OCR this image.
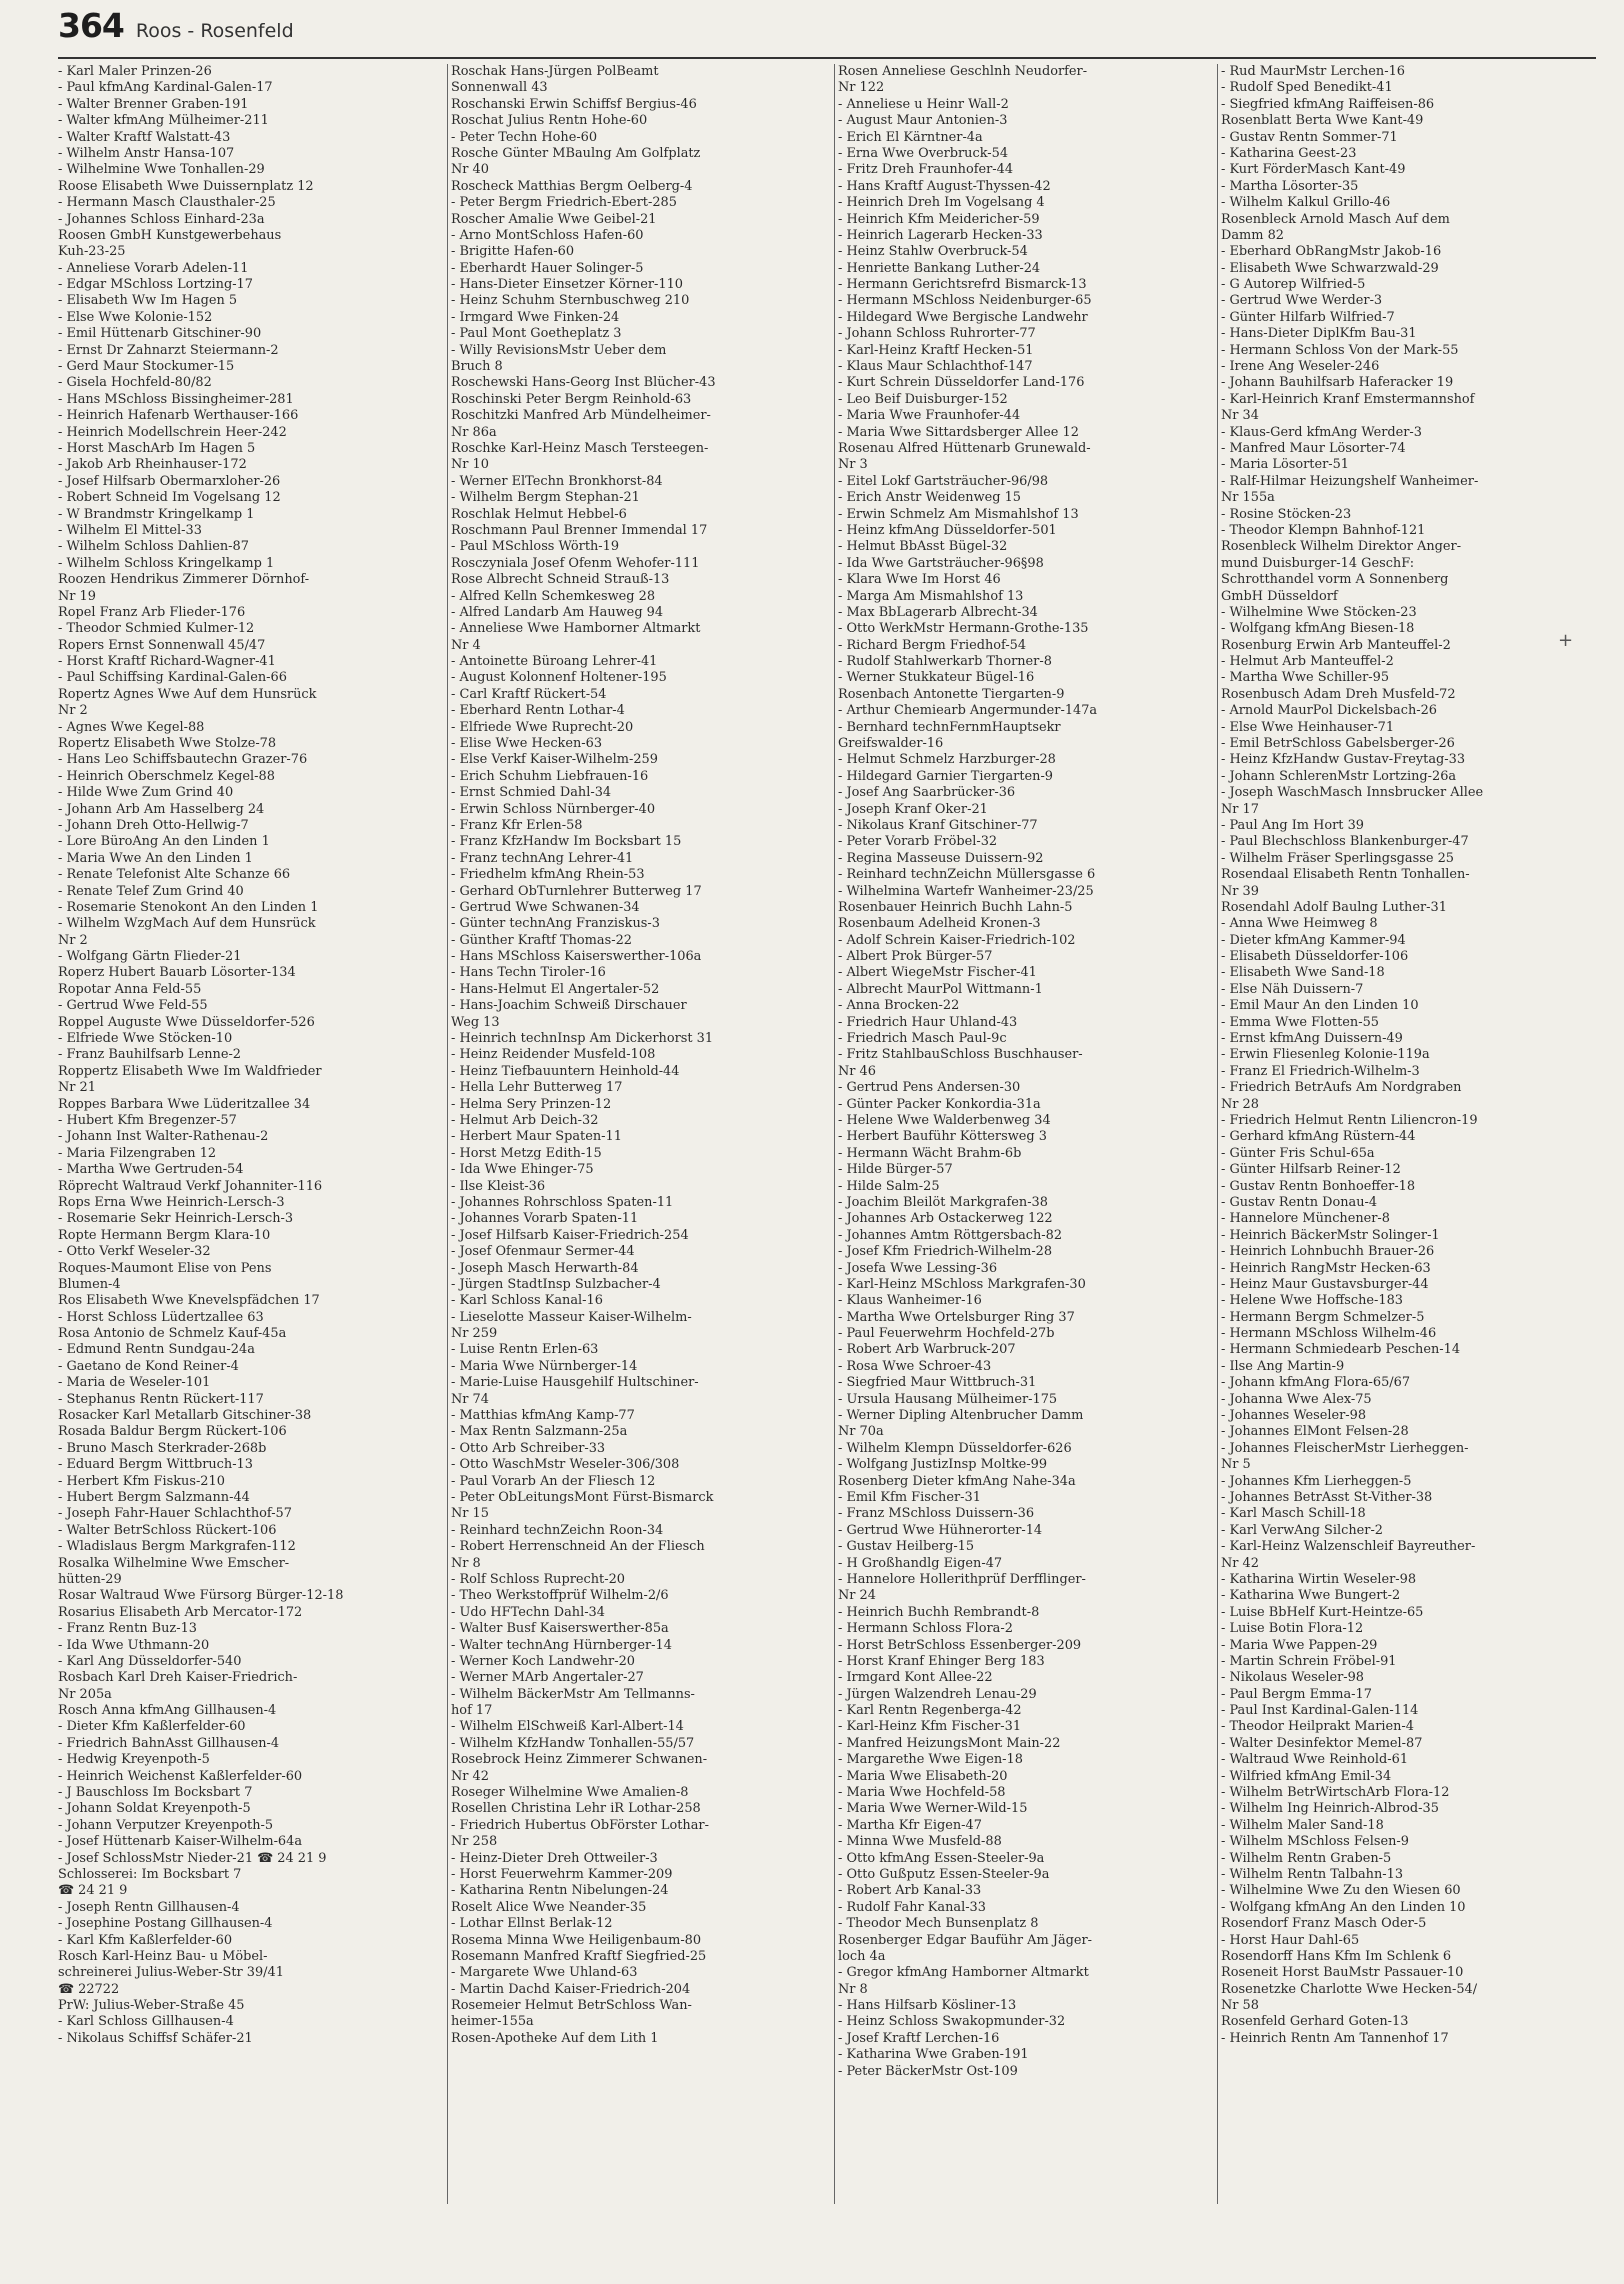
364 Roos - Rosenfeld
- Karl Maler Prinzen-26
- Paul kfmAng Kardinal-Galen-17
- Walter Brenner Graben-191
- Walter kfmAng Mülheimer-211
- Walter Kraftf Walstatt-43
- Wilhelm Anstr Hansa-107
- Wilhelmine Wwe Tonhallen-29
Roose Elisabeth Wwe Duissernplatz 12
- Hermann Masch Clausthaler-25
- Johannes Schloss Einhard-23a
Roosen GmbH Kunstgewerbehaus
Kuh-23-25
- Anneliese Vorarb Adelen-11
- Edgar MSchloss Lortzing-17
- Elisabeth Ww Im Hagen 5
- Else Wwe Kolonie-152
- Emil Hüttenarb Gitschiner-90
- Ernst Dr Zahnarzt Steiermann-2
- Gerd Maur Stockumer-15
- Gisela Hochfeld-80/82
- Hans MSchloss Bissingheimer-281
- Heinrich Hafenarb Werthauser-166
- Heinrich Modellschrein Heer-242
- Horst MaschArb Im Hagen 5
- Jakob Arb Rheinhauser-172
- Josef Hilfsarb Obermarxloher-26
- Robert Schneid Im Vogelsang 12
- W Brandmstr Kringelkamp 1
- Wilhelm El Mittel-33
- Wilhelm Schloss Dahlien-87
- Wilhelm Schloss Kringelkamp 1
Roozen Hendrikus Zimmerer Dörnhof-
Nr 19
Ropel Franz Arb Flieder-176
- Theodor Schmied Kulmer-12
Ropers Ernst Sonnenwall 45/47
- Horst Kraftf Richard-Wagner-41
- Paul Schiffsing Kardinal-Galen-66
Ropertz Agnes Wwe Auf dem Hunsrück
Nr 2
- Agnes Wwe Kegel-88
Ropertz Elisabeth Wwe Stolze-78
- Hans Leo Schiffsbautechn Grazer-76
- Heinrich Oberschmelz Kegel-88
- Hilde Wwe Zum Grind 40
- Johann Arb Am Hasselberg 24
- Johann Dreh Otto-Hellwig-7
- Lore BüroAng An den Linden 1
- Maria Wwe An den Linden 1
- Renate Telefonist Alte Schanze 66
- Renate Telef Zum Grind 40
- Rosemarie Stenokont An den Linden 1
- Wilhelm WzgMach Auf dem Hunsrück
Nr 2
- Wolfgang Gärtn Flieder-21
Roperz Hubert Bauarb Lösorter-134
Ropotar Anna Feld-55
- Gertrud Wwe Feld-55
Roppel Auguste Wwe Düsseldorfer-526
- Elfriede Wwe Stöcken-10
- Franz Bauhilfsarb Lenne-2
Roppertz Elisabeth Wwe Im Waldfrieder
Nr 21
Roppes Barbara Wwe Lüderitzallee 34
- Hubert Kfm Bregenzer-57
- Johann Inst Walter-Rathenau-2
- Maria Filzengraben 12
- Martha Wwe Gertruden-54
Röprecht Waltraud Verkf Johanniter-116
Rops Erna Wwe Heinrich-Lersch-3
- Rosemarie Sekr Heinrich-Lersch-3
Ropte Hermann Bergm Klara-10
- Otto Verkf Weseler-32
Roques-Maumont Elise von Pens
Blumen-4
Ros Elisabeth Wwe Knevelspfädchen 17
- Horst Schloss Lüdertzallee 63
Rosa Antonio de Schmelz Kauf-45a
- Edmund Rentn Sundgau-24a
- Gaetano de Kond Reiner-4
- Maria de Weseler-101
- Stephanus Rentn Rückert-117
Rosacker Karl Metallarb Gitschiner-38
Rosada Baldur Bergm Rückert-106
- Bruno Masch Sterkrader-268b
- Eduard Bergm Wittbruch-13
- Herbert Kfm Fiskus-210
- Hubert Bergm Salzmann-44
- Joseph Fahr-Hauer Schlachthof-57
- Walter BetrSchloss Rückert-106
- Wladislaus Bergm Markgrafen-112
Rosalka Wilhelmine Wwe Emscher-
hütten-29
Rosar Waltraud Wwe Fürsorg Bürger-12-18
Rosarius Elisabeth Arb Mercator-172
- Franz Rentn Buz-13
- Ida Wwe Uthmann-20
- Karl Ang Düsseldorfer-540
Rosbach Karl Dreh Kaiser-Friedrich-
Nr 205a
Rosch Anna kfmAng Gillhausen-4
- Dieter Kfm Kaßlerfelder-60
- Friedrich BahnAsst Gillhausen-4
- Hedwig Kreyenpoth-5
- Heinrich Weichenst Kaßlerfelder-60
- J Bauschloss Im Bocksbart 7
- Johann Soldat Kreyenpoth-5
- Johann Verputzer Kreyenpoth-5
- Josef Hüttenarb Kaiser-Wilhelm-64a
- Josef SchlossMstr Nieder-21 ☎ 24 21 9
Schlosserei: Im Bocksbart 7
☎ 24 21 9
- Joseph Rentn Gillhausen-4
- Josephine Postang Gillhausen-4
- Karl Kfm Kaßlerfelder-60
Rosch Karl-Heinz Bau- u Möbel-
schreinerei Julius-Weber-Str 39/41
☎ 22722
PrW: Julius-Weber-Straße 45
- Karl Schloss Gillhausen-4
- Nikolaus Schiffsf Schäfer-21
Roschak Hans-Jürgen PolBeamt
Sonnenwall 43
Roschanski Erwin Schiffsf Bergius-46
Roschat Julius Rentn Hohe-60
- Peter Techn Hohe-60
Rosche Günter MBaulng Am Golfplatz
Nr 40
Roscheck Matthias Bergm Oelberg-4
- Peter Bergm Friedrich-Ebert-285
Roscher Amalie Wwe Geibel-21
- Arno MontSchloss Hafen-60
- Brigitte Hafen-60
- Eberhardt Hauer Solinger-5
- Hans-Dieter Einsetzer Körner-110
- Heinz Schuhm Sternbuschweg 210
- Irmgard Wwe Finken-24
- Paul Mont Goetheplatz 3
- Willy RevisionsMstr Ueber dem
Bruch 8
Roschewski Hans-Georg Inst Blücher-43
Roschinski Peter Bergm Reinhold-63
Roschitzki Manfred Arb Mündelheimer-
Nr 86a
Roschke Karl-Heinz Masch Tersteegen-
Nr 10
- Werner ElTechn Bronkhorst-84
- Wilhelm Bergm Stephan-21
Roschlak Helmut Hebbel-6
Roschmann Paul Brenner Immendal 17
- Paul MSchloss Wörth-19
Rosczyniala Josef Ofenm Wehofer-111
Rose Albrecht Schneid Strauß-13
- Alfred Kelln Schemkesweg 28
- Alfred Landarb Am Hauweg 94
- Anneliese Wwe Hamborner Altmarkt
Nr 4
- Antoinette Büroang Lehrer-41
- August Kolonnenf Holtener-195
- Carl Kraftf Rückert-54
- Eberhard Rentn Lothar-4
- Elfriede Wwe Ruprecht-20
- Elise Wwe Hecken-63
- Else Verkf Kaiser-Wilhelm-259
- Erich Schuhm Liebfrauen-16
- Ernst Schmied Dahl-34
- Erwin Schloss Nürnberger-40
- Franz Kfr Erlen-58
- Franz KfzHandw Im Bocksbart 15
- Franz technAng Lehrer-41
- Friedhelm kfmAng Rhein-53
- Gerhard ObTurnlehrer Butterweg 17
- Gertrud Wwe Schwanen-34
- Günter technAng Franziskus-3
- Günther Kraftf Thomas-22
- Hans MSchloss Kaiserswerther-106a
- Hans Techn Tiroler-16
- Hans-Helmut El Angertaler-52
- Hans-Joachim Schweiß Dirschauer
Weg 13
- Heinrich technInsp Am Dickerhorst 31
- Heinz Reidender Musfeld-108
- Heinz Tiefbauuntern Heinhold-44
- Hella Lehr Butterweg 17
- Helma Sery Prinzen-12
- Helmut Arb Deich-32
- Herbert Maur Spaten-11
- Horst Metzg Edith-15
- Ida Wwe Ehinger-75
- Ilse Kleist-36
- Johannes Rohrschloss Spaten-11
- Johannes Vorarb Spaten-11
- Josef Hilfsarb Kaiser-Friedrich-254
- Josef Ofenmaur Sermer-44
- Joseph Masch Herwarth-84
- Jürgen StadtInsp Sulzbacher-4
- Karl Schloss Kanal-16
- Lieselotte Masseur Kaiser-Wilhelm-
Nr 259
- Luise Rentn Erlen-63
- Maria Wwe Nürnberger-14
- Marie-Luise Hausgehilf Hultschiner-
Nr 74
- Matthias kfmAng Kamp-77
- Max Rentn Salzmann-25a
- Otto Arb Schreiber-33
- Otto WaschMstr Weseler-306/308
- Paul Vorarb An der Fliesch 12
- Peter ObLeitungsMont Fürst-Bismarck
Nr 15
- Reinhard technZeichn Roon-34
- Robert Herrenschneid An der Fliesch
Nr 8
- Rolf Schloss Ruprecht-20
- Theo Werkstoffprüf Wilhelm-2/6
- Udo HFTechn Dahl-34
- Walter Busf Kaiserswerther-85a
- Walter technAng Hürnberger-14
- Werner Koch Landwehr-20
- Werner MArb Angertaler-27
- Wilhelm BäckerMstr Am Tellmanns-
hof 17
- Wilhelm ElSchweiß Karl-Albert-14
- Wilhelm KfzHandw Tonhallen-55/57
Rosebrock Heinz Zimmerer Schwanen-
Nr 42
Roseger Wilhelmine Wwe Amalien-8
Rosellen Christina Lehr iR Lothar-258
- Friedrich Hubertus ObFörster Lothar-
Nr 258
- Heinz-Dieter Dreh Ottweiler-3
- Horst Feuerwehrm Kammer-209
- Katharina Rentn Nibelungen-24
Roselt Alice Wwe Neander-35
- Lothar Ellnst Berlak-12
Rosema Minna Wwe Heiligenbaum-80
Rosemann Manfred Kraftf Siegfried-25
- Margarete Wwe Uhland-63
- Martin Dachd Kaiser-Friedrich-204
Rosemeier Helmut BetrSchloss Wan-
heimer-155a
Rosen-Apotheke Auf dem Lith 1
Rosen Anneliese Geschlnh Neudorfer-
Nr 122
- Anneliese u Heinr Wall-2
- August Maur Antonien-3
- Erich El Kärntner-4a
- Erna Wwe Overbruck-54
- Fritz Dreh Fraunhofer-44
- Hans Kraftf August-Thyssen-42
- Heinrich Dreh Im Vogelsang 4
- Heinrich Kfm Meidericher-59
- Heinrich Lagerarb Hecken-33
- Heinz Stahlw Overbruck-54
- Henriette Bankang Luther-24
- Hermann Gerichtsrefrd Bismarck-13
- Hermann MSchloss Neidenburger-65
- Hildegard Wwe Bergische Landwehr
- Johann Schloss Ruhrorter-77
- Karl-Heinz Kraftf Hecken-51
- Klaus Maur Schlachthof-147
- Kurt Schrein Düsseldorfer Land-176
- Leo Beif Duisburger-152
- Maria Wwe Fraunhofer-44
- Maria Wwe Sittardsberger Allee 12
Rosenau Alfred Hüttenarb Grunewald-
Nr 3
- Eitel Lokf Gartsträucher-96/98
- Erich Anstr Weidenweg 15
- Erwin Schmelz Am Mismahlshof 13
- Heinz kfmAng Düsseldorfer-501
- Helmut BbAsst Bügel-32
- Ida Wwe Gartsträucher-96§98
- Klara Wwe Im Horst 46
- Marga Am Mismahlshof 13
- Max BbLagerarb Albrecht-34
- Otto WerkMstr Hermann-Grothe-135
- Richard Bergm Friedhof-54
- Rudolf Stahlwerkarb Thorner-8
- Werner Stukkateur Bügel-16
Rosenbach Antonette Tiergarten-9
- Arthur Chemiearb Angermunder-147a
- Bernhard technFernmHauptsekr
Greifswalder-16
- Helmut Schmelz Harzburger-28
- Hildegard Garnier Tiergarten-9
- Josef Ang Saarbrücker-36
- Joseph Kranf Oker-21
- Nikolaus Kranf Gitschiner-77
- Peter Vorarb Fröbel-32
- Regina Masseuse Duissern-92
- Reinhard technZeichn Müllersgasse 6
- Wilhelmina Wartefr Wanheimer-23/25
Rosenbauer Heinrich Buchh Lahn-5
Rosenbaum Adelheid Kronen-3
- Adolf Schrein Kaiser-Friedrich-102
- Albert Prok Bürger-57
- Albert WiegeMstr Fischer-41
- Albrecht MaurPol Wittmann-1
- Anna Brocken-22
- Friedrich Haur Uhland-43
- Friedrich Masch Paul-9c
- Fritz StahlbauSchloss Buschhauser-
Nr 46
- Gertrud Pens Andersen-30
- Günter Packer Konkordia-31a
- Helene Wwe Walderbenweg 34
- Herbert Bauführ Köttersweg 3
- Hermann Wächt Brahm-6b
- Hilde Bürger-57
- Hilde Salm-25
- Joachim Bleilöt Markgrafen-38
- Johannes Arb Ostackerweg 122
- Johannes Amtm Röttgersbach-82
- Josef Kfm Friedrich-Wilhelm-28
- Josefa Wwe Lessing-36
- Karl-Heinz MSchloss Markgrafen-30
- Klaus Wanheimer-16
- Martha Wwe Ortelsburger Ring 37
- Paul Feuerwehrm Hochfeld-27b
- Robert Arb Warbruck-207
- Rosa Wwe Schroer-43
- Siegfried Maur Wittbruch-31
- Ursula Hausang Mülheimer-175
- Werner Dipling Altenbrucher Damm
Nr 70a
- Wilhelm Klempn Düsseldorfer-626
- Wolfgang JustizInsp Moltke-99
Rosenberg Dieter kfmAng Nahe-34a
- Emil Kfm Fischer-31
- Franz MSchloss Duissern-36
- Gertrud Wwe Hühnerorter-14
- Gustav Heilberg-15
- H Großhandlg Eigen-47
- Hannelore Hollerithprüf Derfflinger-
Nr 24
- Heinrich Buchh Rembrandt-8
- Hermann Schloss Flora-2
- Horst BetrSchloss Essenberger-209
- Horst Kranf Ehinger Berg 183
- Irmgard Kont Allee-22
- Jürgen Walzendreh Lenau-29
- Karl Rentn Regenberga-42
- Karl-Heinz Kfm Fischer-31
- Manfred HeizungsMont Main-22
- Margarethe Wwe Eigen-18
- Maria Wwe Elisabeth-20
- Maria Wwe Hochfeld-58
- Maria Wwe Werner-Wild-15
- Martha Kfr Eigen-47
- Minna Wwe Musfeld-88
- Otto kfmAng Essen-Steeler-9a
- Otto Gußputz Essen-Steeler-9a
- Robert Arb Kanal-33
- Rudolf Fahr Kanal-33
- Theodor Mech Bunsenplatz 8
Rosenberger Edgar Bauführ Am Jäger-
loch 4a
- Gregor kfmAng Hamborner Altmarkt
Nr 8
- Hans Hilfsarb Kösliner-13
- Heinz Schloss Swakopmunder-32
- Josef Kraftf Lerchen-16
- Katharina Wwe Graben-191
- Peter BäckerMstr Ost-109
- Rud MaurMstr Lerchen-16
- Rudolf Sped Benedikt-41
- Siegfried kfmAng Raiffeisen-86
Rosenblatt Berta Wwe Kant-49
- Gustav Rentn Sommer-71
- Katharina Geest-23
- Kurt FörderMasch Kant-49
- Martha Lösorter-35
- Wilhelm Kalkul Grillo-46
Rosenbleck Arnold Masch Auf dem
Damm 82
- Eberhard ObRangMstr Jakob-16
- Elisabeth Wwe Schwarzwald-29
- G Autorep Wilfried-5
- Gertrud Wwe Werder-3
- Günter Hilfarb Wilfried-7
- Hans-Dieter DiplKfm Bau-31
- Hermann Schloss Von der Mark-55
- Irene Ang Weseler-246
- Johann Bauhilfsarb Haferacker 19
- Karl-Heinrich Kranf Emstermannshof
Nr 34
- Klaus-Gerd kfmAng Werder-3
- Manfred Maur Lösorter-74
- Maria Lösorter-51
- Ralf-Hilmar Heizungshelf Wanheimer-
Nr 155a
- Rosine Stöcken-23
- Theodor Klempn Bahnhof-121
Rosenbleck Wilhelm Direktor Anger-
mund Duisburger-14 GeschF:
Schrotthandel vorm A Sonnenberg
GmbH Düsseldorf
- Wilhelmine Wwe Stöcken-23
- Wolfgang kfmAng Biesen-18
Rosenburg Erwin Arb Manteuffel-2
- Helmut Arb Manteuffel-2
- Martha Wwe Schiller-95
Rosenbusch Adam Dreh Musfeld-72
- Arnold MaurPol Dickelsbach-26
- Else Wwe Heinhauser-71
- Emil BetrSchloss Gabelsberger-26
- Heinz KfzHandw Gustav-Freytag-33
- Johann SchlerenMstr Lortzing-26a
- Joseph WaschMasch Innsbrucker Allee
Nr 17
- Paul Ang Im Hort 39
- Paul Blechschloss Blankenburger-47
- Wilhelm Fräser Sperlingsgasse 25
Rosendaal Elisabeth Rentn Tonhallen-
Nr 39
Rosendahl Adolf Baulng Luther-31
- Anna Wwe Heimweg 8
- Dieter kfmAng Kammer-94
- Elisabeth Düsseldorfer-106
- Elisabeth Wwe Sand-18
- Else Näh Duissern-7
- Emil Maur An den Linden 10
- Emma Wwe Flotten-55
- Ernst kfmAng Duissern-49
- Erwin Fliesenleg Kolonie-119a
- Franz El Friedrich-Wilhelm-3
- Friedrich BetrAufs Am Nordgraben
Nr 28
- Friedrich Helmut Rentn Liliencron-19
- Gerhard kfmAng Rüstern-44
- Günter Fris Schul-65a
- Günter Hilfsarb Reiner-12
- Gustav Rentn Bonhoeffer-18
- Gustav Rentn Donau-4
- Hannelore Münchener-8
- Heinrich BäckerMstr Solinger-1
- Heinrich Lohnbuchh Brauer-26
- Heinrich RangMstr Hecken-63
- Heinz Maur Gustavsburger-44
- Helene Wwe Hoffsche-183
- Hermann Bergm Schmelzer-5
- Hermann MSchloss Wilhelm-46
- Hermann Schmiedearb Peschen-14
- Ilse Ang Martin-9
- Johann kfmAng Flora-65/67
- Johanna Wwe Alex-75
- Johannes Weseler-98
- Johannes ElMont Felsen-28
- Johannes FleischerMstr Lierheggen-
Nr 5
- Johannes Kfm Lierheggen-5
- Johannes BetrAsst St-Vither-38
- Karl Masch Schill-18
- Karl VerwAng Silcher-2
- Karl-Heinz Walzenschleif Bayreuther-
Nr 42
- Katharina Wirtin Weseler-98
- Katharina Wwe Bungert-2
- Luise BbHelf Kurt-Heintze-65
- Luise Botin Flora-12
- Maria Wwe Pappen-29
- Martin Schrein Fröbel-91
- Nikolaus Weseler-98
- Paul Bergm Emma-17
- Paul Inst Kardinal-Galen-114
- Theodor Heilprakt Marien-4
- Walter Desinfektor Memel-87
- Waltraud Wwe Reinhold-61
- Wilfried kfmAng Emil-34
- Wilhelm BetrWirtschArb Flora-12
- Wilhelm Ing Heinrich-Albrod-35
- Wilhelm Maler Sand-18
- Wilhelm MSchloss Felsen-9
- Wilhelm Rentn Graben-5
- Wilhelm Rentn Talbahn-13
- Wilhelmine Wwe Zu den Wiesen 60
- Wolfgang kfmAng An den Linden 10
Rosendorf Franz Masch Oder-5
- Horst Haur Dahl-65
Rosendorff Hans Kfm Im Schlenk 6
Roseneit Horst BauMstr Passauer-10
Rosenetzke Charlotte Wwe Hecken-54/
Nr 58
Rosenfeld Gerhard Goten-13
- Heinrich Rentn Am Tannenhof 17
+
